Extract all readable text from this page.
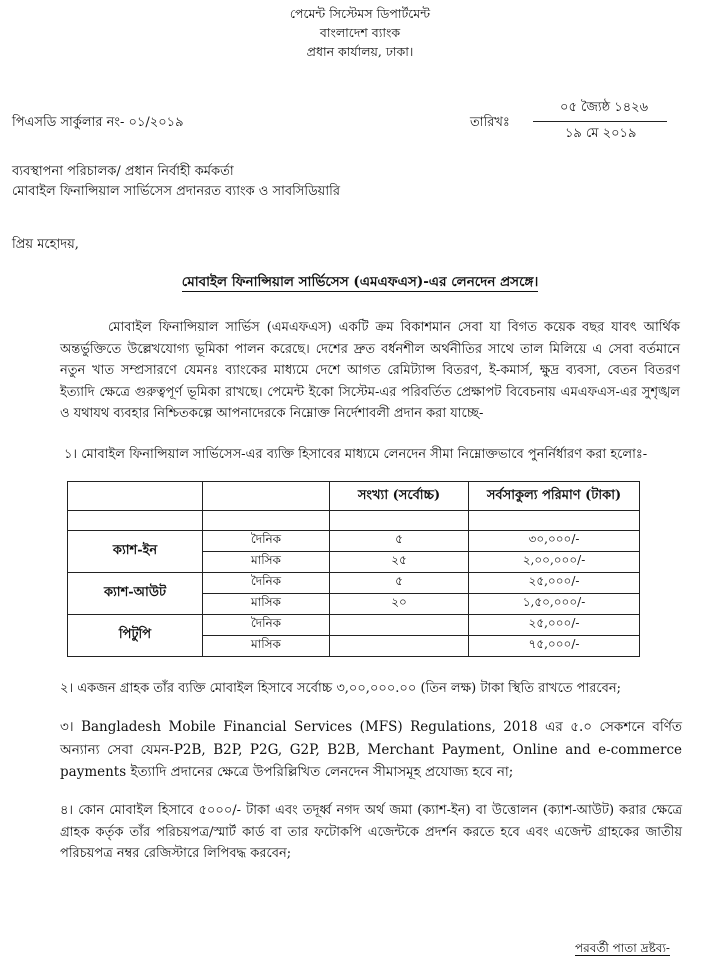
পেমেন্ট সিস্টেমস ডিপার্টমেন্ট
বাংলাদেশ ব্যাংক
প্রধান কার্যালয়, ঢাকা।
পিএসডি সার্কুলার নং- ০১/২০১৯	তারিখঃ
০৫ জ্যৈষ্ঠ ১৪২৬
১৯ মে ২০১৯
ব্যবস্থাপনা পরিচালক/ প্রধান নির্বাহী কর্মকর্তা
মোবাইল ফিনান্সিয়াল সার্ভিসেস প্রদানরত ব্যাংক ও সাবসিডিয়ারি
প্রিয় মহোদয়,
মোবাইল ফিনান্সিয়াল সার্ভিসেস (এমএফএস)-এর লেনদেন প্রসঙ্গে।
মোবাইল ফিনান্সিয়াল সার্ভিস (এমএফএস) একটি ক্রম বিকাশমান সেবা যা বিগত কয়েক বছর যাবৎ আর্থিক অন্তর্ভুক্তিতে উল্লেখযোগ্য ভূমিকা পালন করেছে। দেশের দ্রুত বর্ধনশীল অর্থনীতির সাথে তাল মিলিয়ে এ সেবা বর্তমানে নতুন খাত সম্প্রসারণে যেমনঃ ব্যাংকের মাধ্যমে দেশে আগত রেমিট্যান্স বিতরণ, ই-কমার্স, ক্ষুদ্র ব্যবসা, বেতন বিতরণ ইত্যাদি ক্ষেত্রে গুরুত্বপূর্ণ ভূমিকা রাখছে। পেমেন্ট ইকো সিস্টেম-এর পরিবর্তিত প্রেক্ষাপট বিবেচনায় এমএফএস-এর সুশৃঙ্খল ও যথাযথ ব্যবহার নিশ্চিতকল্পে আপনাদেরকে নিম্নোক্ত নির্দেশাবলী প্রদান করা যাচ্ছে-
১। মোবাইল ফিনান্সিয়াল সার্ভিসেস-এর ব্যক্তি হিসাবের মাধ্যমে লেনদেন সীমা নিম্নোক্তভাবে পুনর্নির্ধারণ করা হলোঃ-
		সংখ্যা (সর্বোচ্চ)	সর্বসাকুল্য পরিমাণ (টাকা)

ক্যাশ-ইন	দৈনিক	৫	৩০,০০০/-
	মাসিক	২৫	২,০০,০০০/-
ক্যাশ-আউট	দৈনিক	৫	২৫,০০০/-
	মাসিক	২০	১,৫০,০০০/-
পিটুপি	দৈনিক		২৫,০০০/-
	মাসিক		৭৫,০০০/-
২। একজন গ্রাহক তাঁর ব্যক্তি মোবাইল হিসাবে সর্বোচ্চ ৩,০০,০০০.০০ (তিন লক্ষ) টাকা স্থিতি রাখতে পারবেন;
৩। Bangladesh Mobile Financial Services (MFS) Regulations, 2018 এর ৫.০ সেকশনে বর্ণিত অন্যান্য সেবা যেমন-P2B, B2P, P2G, G2P, B2B, Merchant Payment, Online and e-commerce payments ইত্যাদি প্রদানের ক্ষেত্রে উপরিল্লিখিত লেনদেন সীমাসমূহ প্রযোজ্য হবে না;
৪। কোন মোবাইল হিসাবে ৫০০০/- টাকা এবং তদূর্ধ্ব নগদ অর্থ জমা (ক্যাশ-ইন) বা উত্তোলন (ক্যাশ-আউট) করার ক্ষেত্রে গ্রাহক কর্তৃক তাঁর পরিচয়পত্র/স্মার্ট কার্ড বা তার ফটোকপি এজেন্টকে প্রদর্শন করতে হবে এবং এজেন্ট গ্রাহকের জাতীয় পরিচয়পত্র নম্বর রেজিস্টারে লিপিবদ্ধ করবেন;
পরবর্তী পাতা দ্রষ্টব্য-
